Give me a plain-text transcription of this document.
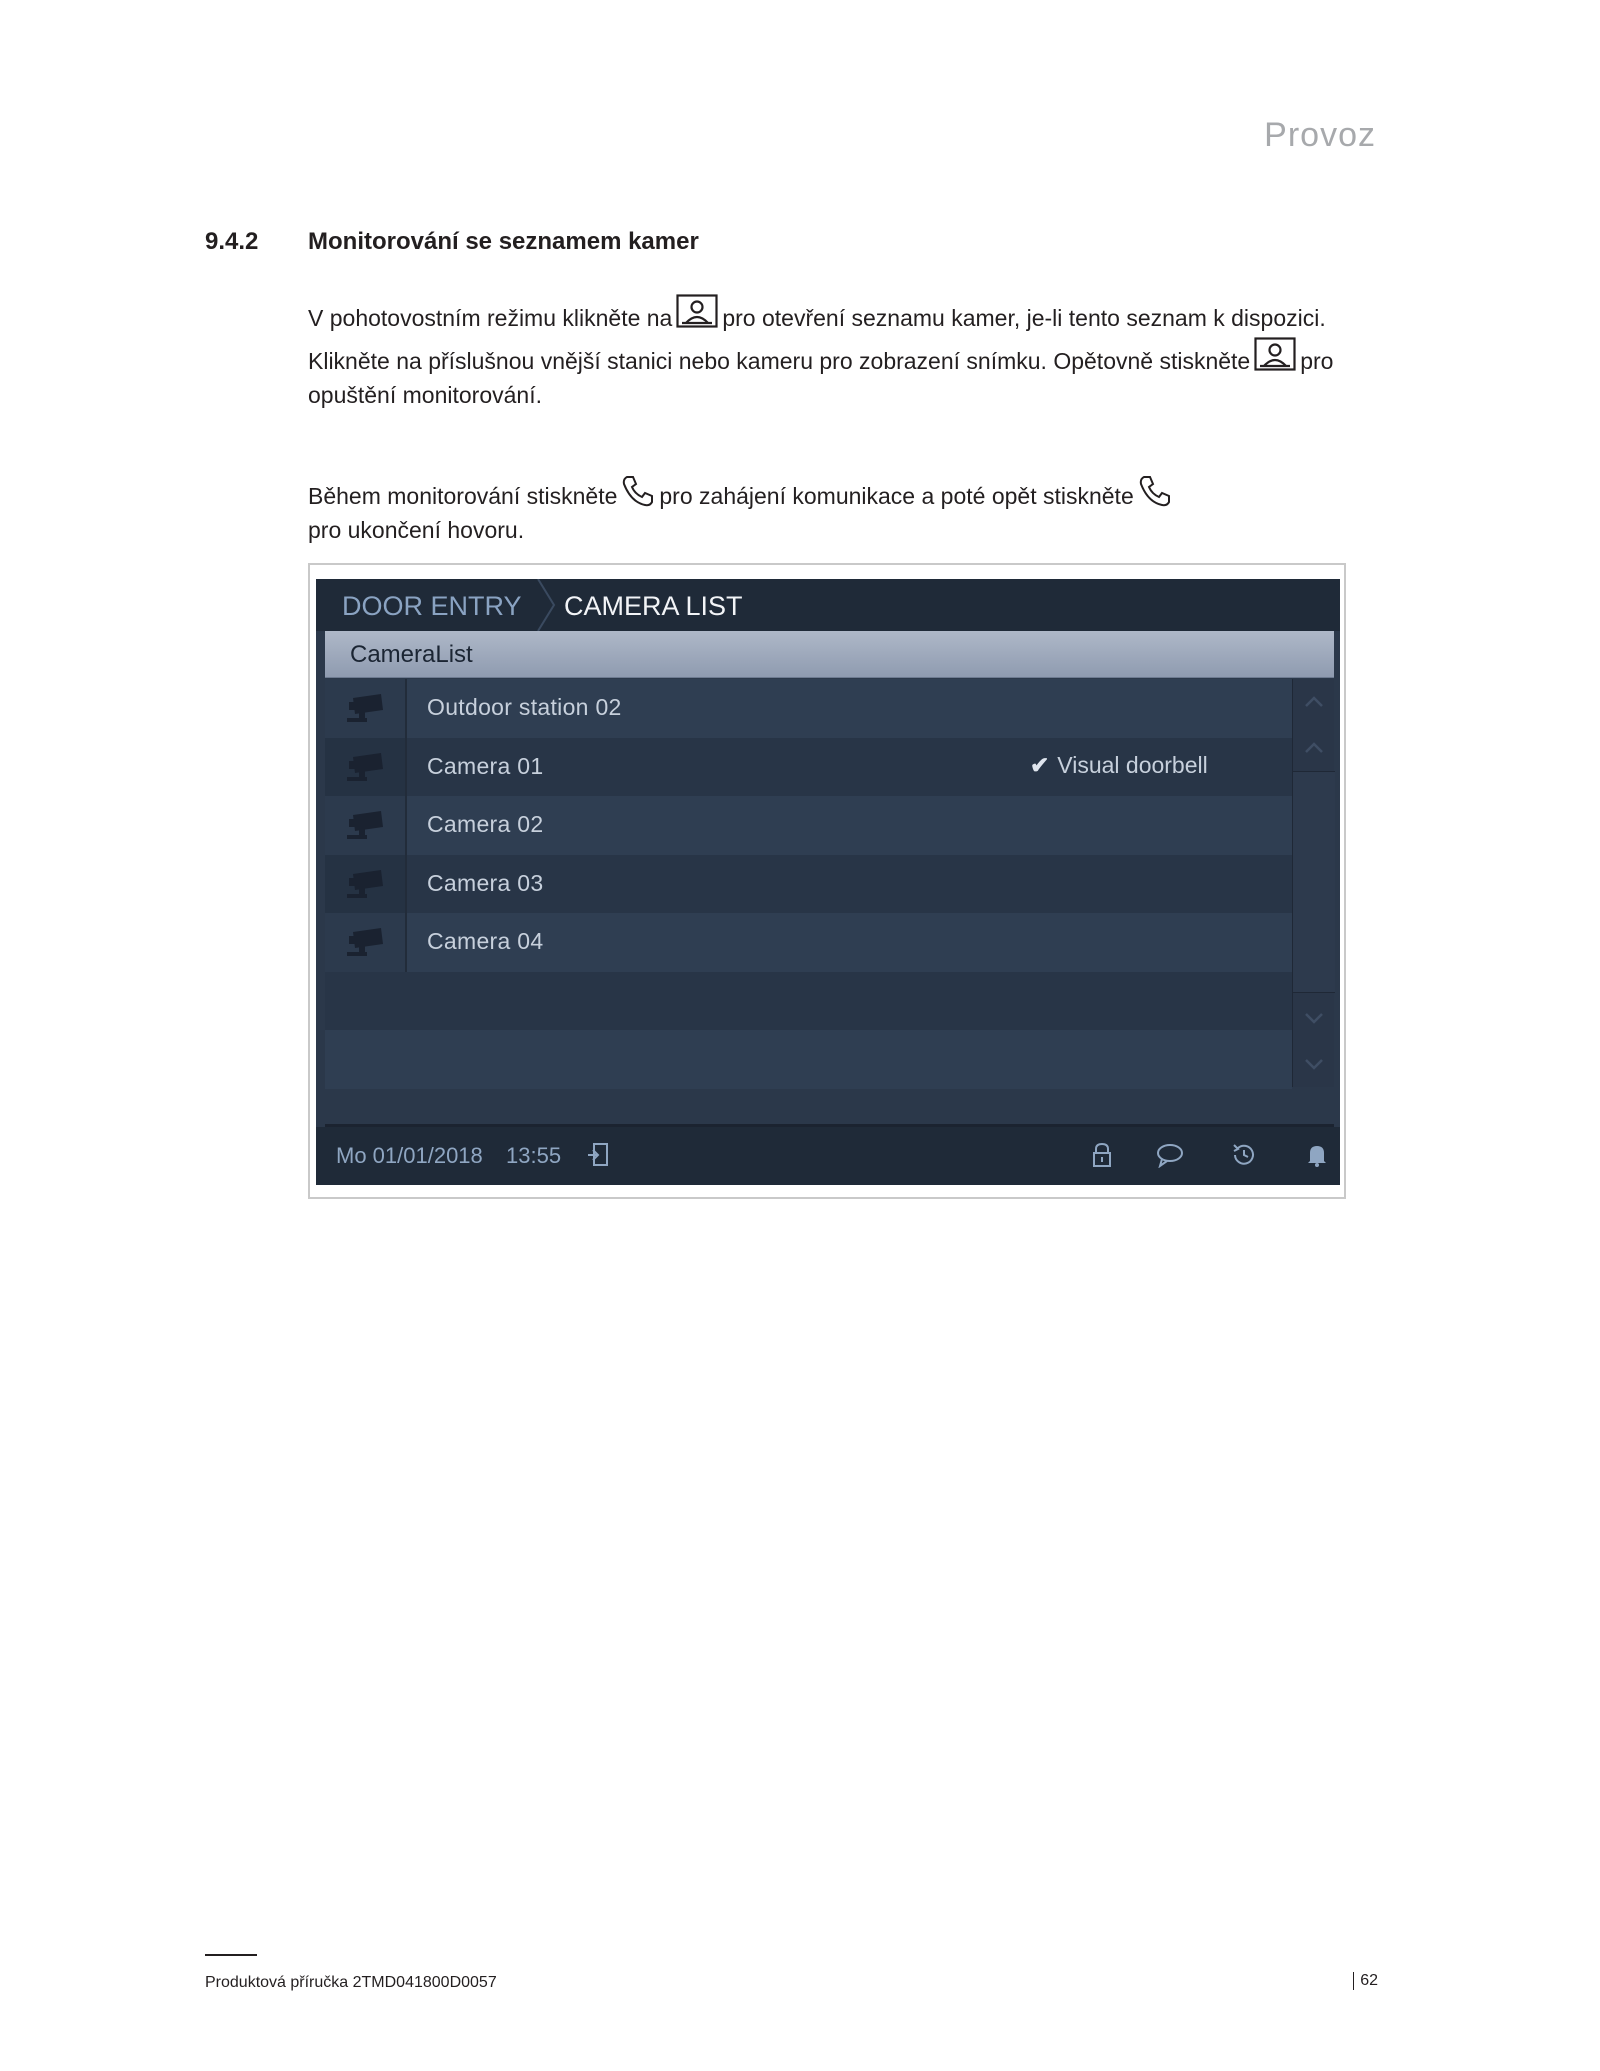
Provoz
9.4.2 Monitorování se seznamem kamer
V pohotovostním režimu klikněte na pro otevření seznamu kamer, je-li tento seznam k dispozici. Klikněte na příslušnou vnější stanici nebo kameru pro zobrazení snímku. Opětovně stiskněte pro opuštění monitorování.
Během monitorování stiskněte pro zahájení komunikace a poté opět stiskněte
pro ukončení hovoru.
DOOR ENTRY CAMERA LIST
CameraList
Outdoor station 02
Camera 01	✔ Visual doorbell
Camera 02
Camera 03
Camera 04
Mo 01/01/2018 13:55
Produktová příručka 2TMD041800D0057	62
